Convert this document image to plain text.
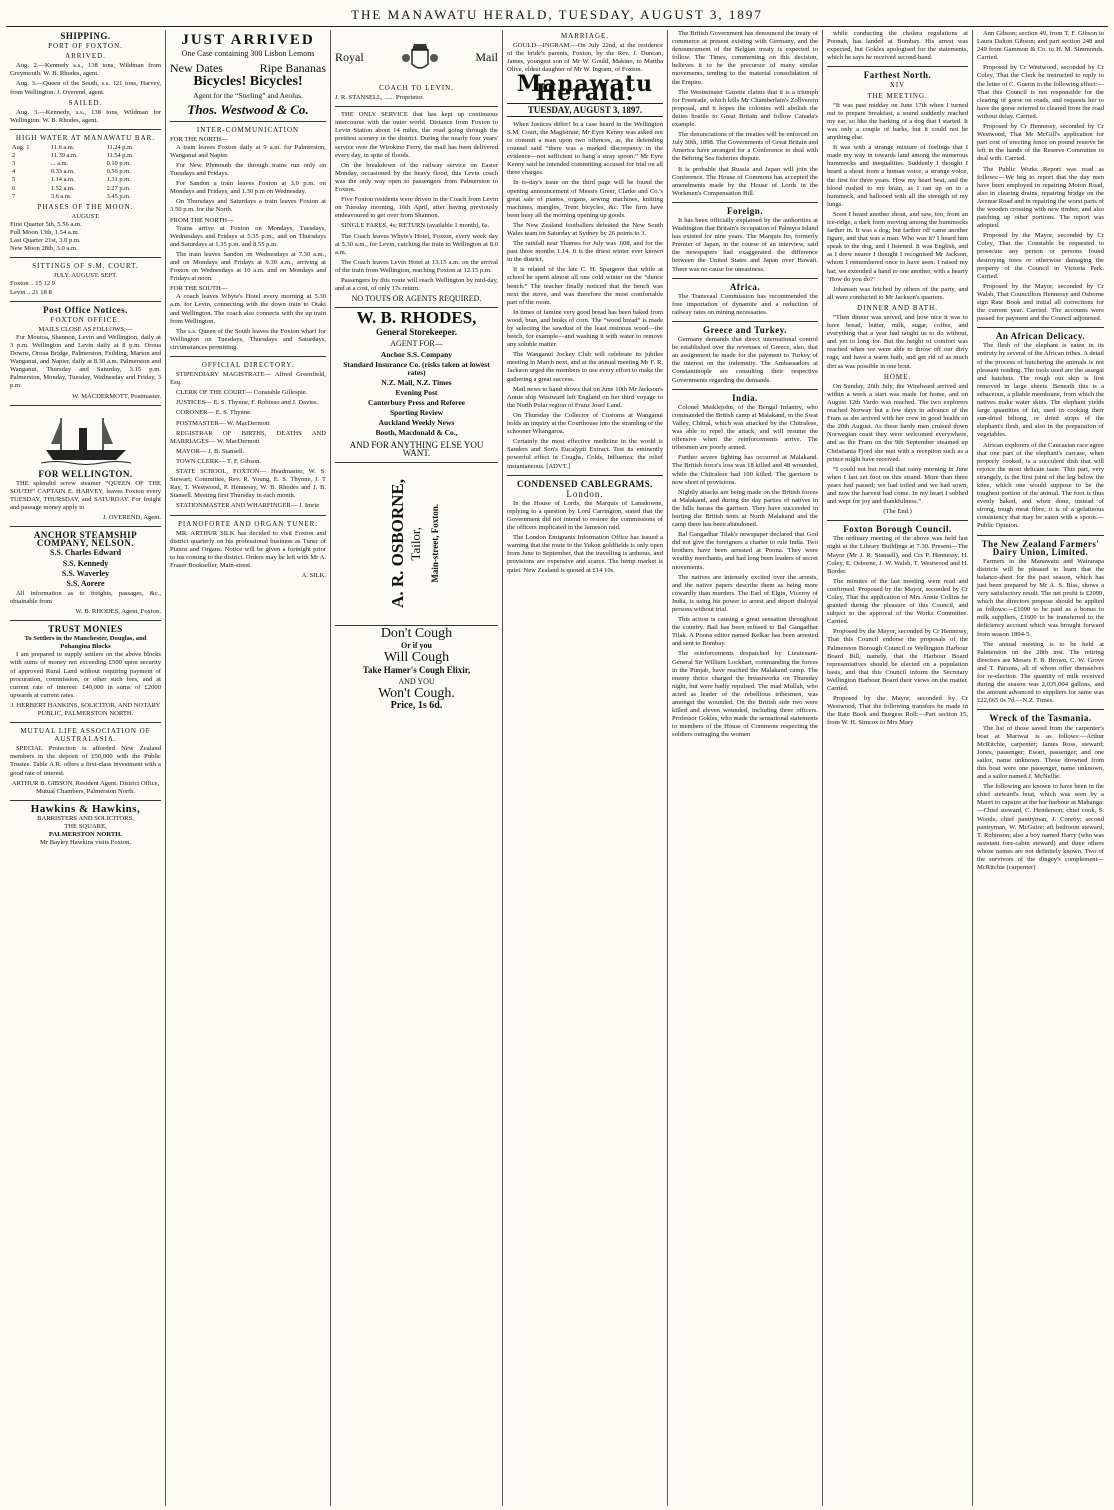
THE MANAWATU HERALD, TUESDAY, AUGUST 3, 1897
SHIPPING.
PORT OF FOXTON.
ARRIVED.

Aug. 2.—Kennedy s.s., 138 tons, Wildman from Greymouth. W. B. Rhodes, agent.

Aug. 3.—Queen of the South, s.s. 121 tons, Harvey, from Wellington. J. Overend, agent.

SAILED.

Aug. 3.—Kennedy, s.s., 138 tons, Wildman for Wellington. W. B. Rhodes, agent.

HIGH WATER AT MANAWATU BAR.
Aug. 1	11.6 a.m.	11.24 p.m.
2	11.39 a.m.	11.54 p.m.
3	... a.m.	0.10 p.m.
4	0.33 a.m.	0.56 p.m.
5	1.14 a.m.	1.31 p.m.
6	1.52 a.m.	2.27 p.m.
7	3.6 a.m.	3.45 p.m.
PHASES OF THE MOON.
AUGUST.
First Quarter 5th, 5.56 a.m.
Full Moon 13th, 1.54 a.m.
Last Quarter 21st, 3.0 p.m.
New Moon 28th, 3.0 a.m.
SITTINGS OF S.M. COURT.
JULY. AUGUST. SEPT.
Foxton .. 15 12 9
Levin .. 21 18 8
Post Office Notices.
FOXTON OFFICE.
MAILS CLOSE AS FOLLOWS:—

For Moutoa, Shannon, Levin and Wellington, daily at 3 p.m. Wellington and Levin daily at 8 p.m. Oroua Downs, Oroua Bridge, Palmerston, Feilding, Marton and Wanganui, and Napier, daily at 8.30 a.m. Palmerston and Wanganui, Thursday and Saturday, 3.15 p.m. Palmerston, Monday, Tuesday, Wednesday and Friday, 3 p.m.

W. MACDERMOTT, Postmaster.
FOR WELLINGTON.

THE splendid screw steamer “QUEEN OF THE SOUTH” CAPTAIN E. HARVEY, leaves Foxton every TUESDAY, THURSDAY, and SATURDAY. For freight and passage money apply to

J. OVEREND, Agent.
ANCHOR STEAMSHIP COMPANY, NELSON.
S.S. Charles Edward
S.S. Kennedy
S.S. Waverley
S.S. Aorere

All information as to freights, passages, &c., obtainable from

W. B. RHODES, Agent, Foxton.
TRUST MONIES
To Settlers in the Manchester, Douglas, and Pohangina Blocks

I am prepared to supply settlers on the above blocks with sums of money not exceeding £500 upon security of approved Rural Land without requiring payment of procuration, commission, or other such fees, and at current rate of interest: £40,000 in sums of £2000 upwards at current rates.

J. HERBERT HANKINS, SOLICITOR, AND NOTARY PUBLIC, PALMERSTON NORTH.
MUTUAL LIFE ASSOCIATION OF AUSTRALASIA.

SPECIAL Protection is afforded New Zealand members in the deposit of £50,000 with the Public Trustee. Table A.R. offers a first-class investment with a good rate of interest.

ARTHUR B. GIBSON, Resident Agent. District Office, Mutual Chambers, Palmerston North.
Hawkins & Hawkins,
BARRISTERS AND SOLICITORS,
THE SQUARE,
PALMERSTON NORTH.
Mr Bayley Hawkins visits Foxton.
JUST ARRIVED
One Case containing 300 Lisbon Lemons
New Dates	Ripe Bananas
Bicycles! Bicycles!
Agent for the “Sterling” and Aeolus.
Thos. Westwood & Co.
INTER-COMMUNICATION
FOR THE NORTH—

A train leaves Foxton daily at 9 a.m. for Palmerston, Wanganui and Napier.

For New Plymouth the through trains run only on Tuesdays and Fridays.

For Sandon a train leaves Foxton at 3.0 p.m. on Mondays and Fridays, and 1.30 p.m on Wednesday.

On Thursdays and Saturdays a train leaves Foxton at 3.50 p.m. for the North.

FROM THE NORTH—

Trains arrive at Foxton on Mondays, Tuesdays, Wednesdays and Fridays at 5.35 p.m., and on Thursdays and Saturdays at 1.35 p.m. and 8.55 p.m.

The train leaves Sandon on Wednesdays at 7.30 a.m., and on Mondays and Fridays at 9.30 a.m., arriving at Foxton on Wednesdays at 10 a.m. and on Mondays and Fridays at noon.

FOR THE SOUTH—

A coach leaves Whyte's Hotel every morning at 5.30 a.m. for Levin, connecting with the down train to Otaki and Wellington. The coach also connects with the up train from Wellington.

The s.s. Queen of the South leaves the Foxton wharf for Wellington on Tuesdays, Thursdays and Saturdays, circumstances permitting.

OFFICIAL DIRECTORY.

STIPENDIARY MAGISTRATE— Alfred Greenfield, Esq.

CLERK OF THE COURT— Constable Gillespie.

JUSTICES— E. S. Thynne, F. Robinso and J. Davies.

CORONER— E. S. Thynne.

POSTMASTER— W. MacDermott

REGISTRAR OF BIRTHS, DEATHS AND MARRIAGES— W. MacDermott

MAYOR— J. B. Stansell.

TOWN CLERK— T. F. Gibson.

STATE SCHOOL, FOXTON— Headmaster, W. S. Stewart; Committee, Rev. R. Young, E. S. Thynne, J. T Ray, T. Westwood, P. Hennessy, W. B. Rhodes and J. B. Stansell. Meeting first Thursday in each month.

STATIONMASTER AND WHARFINGER— J. Imrie

PIANOFORTE AND ORGAN TUNER.

MR. ARTHUR SILK has decided to visit Foxton and district quarterly on his professional business as Tuner of Pianos and Organs. Notice will be given a fortnight prior to his coming to the district. Orders may be left with Mr A. Fraser Bookseller, Main-street.

A. SILK.
Royal	Mail
COACH TO LEVIN.
J. R. STANSELL, ...... Proprietor.

THE ONLY SERVICE that has kept up continuous intercourse with the outer world. Distance from Foxton to Levin Station about 14 miles, the road going through the prettiest scenery in the district. During the nearly four years' service over the Wirokino Ferry, the mail has been delivered every day, in spite of floods.

On the breakdown of the railway service on Easter Monday, occasioned by the heavy flood, this Levin coach was the only way open to passengers from Palmerston to Foxton.

Five Foxton residents were driven in the Coach from Levin on Tuesday morning, 16th April, after having previously endeavoured to get over from Shannon.

SINGLE FARES, 4s; RETURN (available 1 month), 6s.

The Coach leaves Whyte's Hotel, Foxton, every week day at 5.30 a.m., for Levin, catching the train to Wellington at 8.0 a.m.

The Coach leaves Levin Hotel at 13.15 a.m. on the arrival of the train from Wellington, reaching Foxton at 12.15 p.m.

Passengers by this route will reach Wellington by mid-day, and at a cost, of only 17s return.

NO TOUTS OR AGENTS REQUIRED.
W. B. RHODES,
General Storekeeper.
AGENT FOR—
Anchor S.S. Company
Standard Insurance Co. (risks taken at lowest rates)
N.Z. Mail, N.Z. Times
Evening Post
Canterbury Press and Referee
Sporting Review
Auckland Weekly News
Booth, Macdonald & Co.,
AND FOR ANYTHING ELSE YOU WANT.
A. R. OSBORNE, Tailor, Main-street, Foxton.
Don't Cough
Or if you
Will Cough
Take Hamer's Cough Elixir,
AND YOU
Won't Cough.
Price, 1s 6d.
MARRIAGE.

GOULD—INGRAM.—On July 22nd, at the residence of the bride's parents, Foxton, by the Rev. J. Duncan, James, youngest son of Mr W. Gould, Makino, to Martha Olive, eldest daughter of Mr W. Ingram, of Foxton.

Manawatu Herald.
TUESDAY, AUGUST 3, 1897.

When Justices differ! In a case heard in the Wellington S.M. Court, the Magistrate, Mr Eyre Kenny was asked not to commit a man upon two offences, as, the defending counsel said “there was a marked discrepancy in the evidence—not sufficient to hang a stray spoon.” Mr Eyre Kenny said he intended committing accused for trial on all three charges.

In to-day's issue on the third page will be found the opening announcement of Messrs Greer, Clarke and Co.'s great sale of pianos, organs, sewing machines, knitting machines, mangles, Trent bicycles, &c. The firm have been busy all the morning opening up goods.

The New Zealand footballers defeated the New South Wales team on Saturday at Sydney by 26 points to 3.

The rainfall near Thames for July was .608, and for the past three months 1.14. It is the driest winter ever known in the district.

It is related of the late C. H. Spurgeon that while at school he spent almost all one cold winter on the “dunce bench.” The teacher finally noticed that the bench was next the stove, and was therefore the most comfortable part of the room.

In times of famine very good bread has been baked from wood, bran, and husks of corn. The “wood bread” is made by selecting the sawdust of the least resinous wood—the beech, for example—and washing it with water to remove any soluble matter.

The Wanganui Jockey Club will celebrate its jubilee meeting in March next, and at the annual meeting Mr F. R. Jackson urged the members to use every effort to make the gathering a great success.

Mail news to hand shows that on June 10th Mr Jackson's Annie ship Westward left England on her third voyage to the North Polar region of Franz Josef Land.

On Thursday the Collector of Customs at Wanganui holds an inquiry at the Courthouse into the stranding of the schooner Whangaroa.

Certainly the most effective medicine in the world is Sanders and Son's Eucalypti Extract. Test its eminently powerful effect in Coughs, Colds, Influenza; the relief instantaneous. [ADVT.]

CONDENSED CABLEGRAMS.
London.

In the House of Lords, the Marquis of Lansdowne, replying to a question by Lord Carrington, stated that the Government did not intend to restore the commissions of the officers implicated in the Jameson raid.

The London Emigrants Information Office has issued a warning that the route to the Yukon goldfields is only open from June to September, that the travelling is arduous, and provisions are expensive and scarce. The hemp market is quiet. New Zealand is quoted at £14 10s.

The British Government has denounced the treaty of commerce at present existing with Germany, and the denouncement of the Belgian treaty is expected to follow. The Times, commenting on this decision, believes it to be the precursor of many similar movements, tending to the material consolidation of the Empire.

The Westminster Gazette claims that it is a triumph for Freetrade, which kills Mr Chamberlain's Zollverein proposal, and it hopes the colonies will abolish the duties hostile to Great Britain and follow Canada's example.

The denunciations of the treaties will be enforced on July 30th, 1898. The Governments of Great Britain and America have arranged for a Conference to deal with the Behring Sea fisheries dispute.

It is probable that Russia and Japan will join the Conference. The House of Commons has accepted the amendments made by the House of Lords in the Workmen's Compensation Bill.

Foreign.

It has been officially explained by the authorities at Washington that Britain's occupation of Palmyra Island has existed for nine years. The Marquis Ito, formerly Premier of Japan, in the course of an interview, said the newspapers had exaggerated the difference between the United States and Japan over Hawaii. There was no cause for uneasiness.

Africa.

The Transvaal Commission has recommended the free importation of dynamite and a reduction of railway rates on mining necessaries.

Greece and Turkey.

Germany demands that direct international control be established over the revenues of Greece, also, that an assignment be made for the payment to Turkey of the interest on the indemnity. The Ambassadors at Constantinople are consulting their respective Governments regarding the demands.

India.

Colonel Meiklejohn, of the Bengal Infantry, who commanded the British camp at Malakand, in the Swat Valley, Chitral, which was attacked by the Chitralese, was able to repel the attack, and will resume the offensive when the reinforcements arrive. The tribesmen are poorly armed.

Further severe fighting has occurred at Malakand. The British force's loss was 18 killed and 48 wounded, while the Chitralese had 100 killed. The garrison is now short of provisions.

Nightly attacks are being made on the British forces at Malakand, and during the day parties of natives in the hills harass the garrison. They have succeeded in hurting the British tents at North Malakand and the camp there has been abandoned.

Bal Gangadhar Tilak's newspaper declared that God did not give the foreigners a charter to rule India. Two brothers have been arrested at Poona. They were wealthy merchants, and had long been leaders of secret movements.

The natives are intensely excited over the arrests, and the native papers describe them as being more cowardly than murders. The Earl of Elgin, Viceroy of India, is using his power to arrest and deport disloyal persons without trial.

This action is causing a great sensation throughout the country. Bail has been refused to Bal Gangadhar Tilak. A Poona editor named Kelkar has been arrested and sent to Bombay.

The reinforcements despatched by Lieutenant-General Sir William Lockhart, commanding the forces in the Punjab, have reached the Malakand camp. The enemy thrice charged the breastworks on Thursday night, but were badly repulsed. The mad Mullah, who acted as leader of the rebellious tribesmen, was amongst the wounded. On the British side two were killed and eleven wounded, including three officers. Professor Gokles, who made the sensational statements to members of the House of Commons respecting the soldiers outraging the women

while conducting the cholera regulations at Poonah, has landed at Bombay. His arrest was expected, but Gokles apologised for the statements, which he says he received second-hand.

Farthest North.
XIV
THE MEETING.

“It was past midday on June 17th when I turned out to prepare breakfast, a sound suddenly reached my ear, so like the barking of a dog that I started. It was only a couple of barks, but it could not be anything else.

It was with a strange mixture of feelings that I made my way in towards land among the numerous hummocks and inequalities. Suddenly I thought I heard a shout from a human voice, a strange voice, the first for three years. How my heart beat, and the blood rushed to my brain, as I ran up on to a hummock, and hallooed with all the strength of my lungs.

Soon I heard another shout, and saw, too, from an ice-ridge, a dark form moving among the hummocks farther in. It was a dog; but farther off came another figure, and that was a man. Who was it? I heard him speak to the dog, and I listened. It was English, and as I drew nearer I thought I recognised Mr Jackson, whom I remembered once to have seen. I raised my hat; we extended a hand to one another, with a hearty ‘How do you do?’

Johansen was fetched by others of the party, and all were conducted to Mr Jackson's quarters.

DINNER AND BATH.

“Then dinner was served, and how nice it was to have bread, butter, milk, sugar, coffee, and everything that a year had taught us to do without, and yet to long for. But the height of comfort was reached when we were able to throw off our dirty rags, and have a warm bath, and get rid of as much dirt as was possible in one bout.

HOME.

On Sunday, 26th July, the Windward arrived and within a week a start was made for home, and on August 12th Vardo was reached. The two explorers reached Norway but a few days in advance of the Fram as she arrived with her crew in good health on the 20th August. As these hardy men cruised down Norwegian coast they were welcomed everywhere, and as the Fram on the 9th September steamed up Christiania Fjord she met with a reception such as a prince might have received.

“I could not but recall that rainy morning in June when I last set foot on this strand. More than three years had passed; we had toiled and we had sown, and now the harvest had come. In my heart I sobbed and wept for joy and thankfulness.”

(The End.)
Foxton Borough Council.

The ordinary meeting of the above was held last night at the Library Buildings at 7.30. Present—The Mayor (Mr J. R. Stansell), and Crs P. Hennessy, H. Coley, E. Osborne, J. W. Walsh, T. Westwood and H. Border.

The minutes of the last meeting were read and confirmed. Proposed by the Mayor, seconded by Cr Coley, That the application of Mrs Annie Collins be granted during the pleasure of this Council, and subject to the approval of the Works Committee. Carried.

Proposed by the Mayor, seconded by Cr Hennessy, That this Council endorse the proposals of the Palmerston Borough Council re Wellington Harbour Board Bill, namely, that the Harbour Board representatives should be elected on a population basis, and that this Council inform the Secretary Wellington Harbour Board their views on the matter. Carried.

Proposed by the Mayor, seconded by Cr Westwood, That the following transfers be made in the Rate Book and Burgess Roll:—Part section 15, from W. H. Simcox to Mrs Mary

Ann Gibson; section 49, from T. F. Gibson to Laura Dalton Gibson; and part section 248 and 249 from Gammon & Co. to H. M. Simmonds. Carried.

Proposed by Cr Westwood, seconded by Cr Coley, That the Clerk be instructed to reply to the letter of C. Guerin to the following effect:—That this Council is not responsible for the clearing of gorse on roads, and requests her to have the gorse referred to cleared from the road without delay. Carried.

Proposed by Cr Hennessy, seconded by Cr Westwood, That Mr McGill's application for part cost of erecting fence on pound reserve be left in the hands of the Reserve Committee to deal with. Carried.

The Public Works Report was read as follows:—We beg to report that the day men have been employed in repairing Moton Road, also in clearing drains, repairing bridge on the Avenue Road and in repairing the worst parts of the wooden crossing with new timber, and also patching up other portions. The report was adopted.

Proposed by the Mayor, seconded by Cr Coley, That the Constable be requested to prosecute any person or persons found destroying trees or otherwise damaging the property of the Council in Victoria Park. Carried.

Proposed by the Mayor, seconded by Cr Walsh, That Councillors Hennessy and Osborne sign Rate Book and initial all corrections for the current year. Carried. The accounts were passed for payment and the Council adjourned.

An African Delicacy.

The flesh of the elephant is eaten in its entirety by several of the African tribes. A detail of the process of butchering the animals is not pleasant reading. The tools used are the assegai and hatchets. The rough out skin is first removed in large sheets. Beneath this is a sebaceous, a pliable membrane, from which the natives make water skins. The elephant yields large quantities of fat, used in cooking their sun-dried biltong, or dried strips of the elephant's flesh, and also in the preparation of vegetables.

African explorers of the Caucasian race agree that one part of the elephant's carcase, when properly cooked, is a succulent dish that will rejoice the most delicate taste. This part, very strangely, is the first joint of the leg below the knee, which one would suppose to be the toughest portion of the animal. The foot is thus evenly baked, and when done, instead of strong, tough meat fibre, it is of a gelatinous consistency that may be eaten with a spoon.—Public Opinion.

The New Zealand Farmers' Dairy Union, Limited.

Farmers in the Manawatu and Wairarapa districts will be pleased to learn that the balance-sheet for the past season, which has just been prepared by Mr A. S. Biss, shows a very satisfactory result. The net profit is £2099, which the directors propose should be applied as follows:—£1000 to be paid as a bonus to milk suppliers, £1600 to be transferred to the deficiency account which was brought forward from season 1894-5.

The annual meeting is to be held at Palmerston on the 28th inst. The retiring directors are Messrs F. B. Brown, C. W. Grove and T. Parsons, all of whom offer themselves for re-election. The quantity of milk received during the season was 2,035,004 gallons, and the amount advanced to suppliers for same was £22,665 0s 7d.—N.Z. Times.

Wreck of the Tasmania.

The list of those saved from the carpenter's boat at Mariwai is as follows:—Arthur McRitchie, carpenter; James Ross, steward; Jones, passenger; Ewart, passenger; and one sailor, name unknown. Those drowned from this boat were one passenger, name unknown, and a sailor named J. McNellie.

The following are known to have been in the chief steward's boat, which was seen by a Maori to capsize at the bar harbour at Mahanga:—Chief steward, C. Henderson; chief cook, S. Woods; chief pantryman, J. Conroy; second pantryman, W. McGuire; aft bedroom steward, T. Robinson; also a boy named Harry (who was assistant fore-cabin steward) and three others whose names are not definitely known. Two of the survivors of the dingey's complement—McRitchie (carpenter)
